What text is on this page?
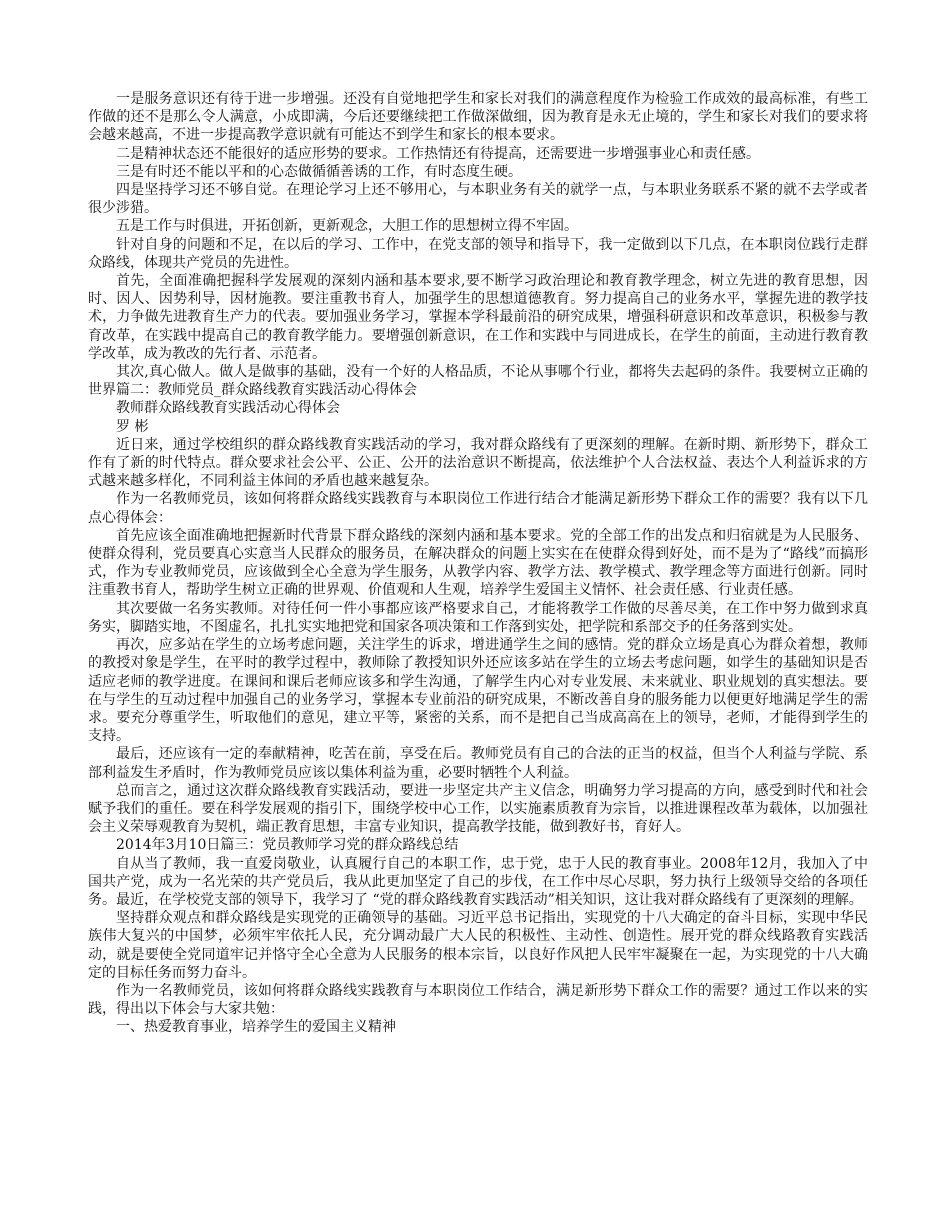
一是服务意识还有待于进一步增强。还没有自觉地把学生和家长对我们的满意程度作为检验工作成效的最高标准，有些工作做的还不是那么令人满意，小成即满，今后还要继续把工作做深做细，因为教育是永无止境的，学生和家长对我们的要求将会越来越高，不进一步提高教学意识就有可能达不到学生和家长的根本要求。

二是精神状态还不能很好的适应形势的要求。工作热情还有待提高，还需要进一步增强事业心和责任感。

三是有时还不能以平和的心态做循循善诱的工作，有时态度生硬。

四是坚持学习还不够自觉。在理论学习上还不够用心，与本职业务有关的就学一点，与本职业务联系不紧的就不去学或者很少涉猎。

五是工作与时俱进，开拓创新，更新观念，大胆工作的思想树立得不牢固。

针对自身的问题和不足，在以后的学习、工作中，在党支部的领导和指导下，我一定做到以下几点，在本职岗位践行走群众路线，体现共产党员的先进性。

首先，全面准确把握科学发展观的深刻内涵和基本要求,要不断学习政治理论和教育教学理念，树立先进的教育思想，因时、因人、因势利导，因材施教。要注重教书育人，加强学生的思想道德教育。努力提高自己的业务水平，掌握先进的教学技术，力争做先进教育生产力的代表。要加强业务学习，掌握本学科最前沿的研究成果，增强科研意识和改革意识，积极参与教育改革，在实践中提高自己的教育教学能力。要增强创新意识，在工作和实践中与同进成长，在学生的前面，主动进行教育教学改革，成为教改的先行者、示范者。

其次,真心做人。做人是做事的基础，没有一个好的人格品质，不论从事哪个行业，都将失去起码的条件。我要树立正确的世界篇二：教师党员_群众路线教育实践活动心得体会

教师群众路线教育实践活动心得体会

罗 彬

近日来，通过学校组织的群众路线教育实践活动的学习，我对群众路线有了更深刻的理解。在新时期、新形势下，群众工作有了新的时代特点。群众要求社会公平、公正、公开的法治意识不断提高，依法维护个人合法权益、表达个人利益诉求的方式越来越多样化，不同利益主体间的矛盾也越来越复杂。

作为一名教师党员，该如何将群众路线实践教育与本职岗位工作进行结合才能满足新形势下群众工作的需要？我有以下几点心得体会：

首先应该全面准确地把握新时代背景下群众路线的深刻内涵和基本要求。党的全部工作的出发点和归宿就是为人民服务、使群众得利，党员要真心实意当人民群众的服务员，在解决群众的问题上实实在在使群众得到好处，而不是为了“路线”而搞形式，作为专业教师党员，应该做到全心全意为学生服务，从教学内容、教学方法、教学模式、教学理念等方面进行创新。同时注重教书育人，帮助学生树立正确的世界观、价值观和人生观，培养学生爱国主义情怀、社会责任感、行业责任感。

其次要做一名务实教师。对待任何一件小事都应该严格要求自己，才能将教学工作做的尽善尽美，在工作中努力做到求真务实，脚踏实地，不图虚名，扎扎实实地把党和国家各项决策和工作落到实处，把学院和系部交予的任务落到实处。

再次，应多站在学生的立场考虑问题，关注学生的诉求，增进通学生之间的感情。党的群众立场是真心为群众着想，教师的教授对象是学生，在平时的教学过程中，教师除了教授知识外还应该多站在学生的立场去考虑问题，如学生的基础知识是否适应老师的教学进度。在课间和课后老师应该多和学生沟通，了解学生内心对专业发展、未来就业、职业规划的真实想法。要在与学生的互动过程中加强自己的业务学习，掌握本专业前沿的研究成果，不断改善自身的服务能力以便更好地满足学生的需求。要充分尊重学生，听取他们的意见，建立平等，紧密的关系，而不是把自己当成高高在上的领导，老师，才能得到学生的支持。

最后，还应该有一定的奉献精神，吃苦在前，享受在后。教师党员有自己的合法的正当的权益，但当个人利益与学院、系部利益发生矛盾时，作为教师党员应该以集体利益为重，必要时牺牲个人利益。

总而言之，通过这次群众路线教育实践活动，要进一步坚定共产主义信念，明确努力学习提高的方向，感受到时代和社会赋予我们的重任。要在科学发展观的指引下，围绕学校中心工作，以实施素质教育为宗旨，以推进课程改革为载体，以加强社会主义荣辱观教育为契机，端正教育思想，丰富专业知识，提高教学技能，做到教好书，育好人。

2014年3月10日篇三：党员教师学习党的群众路线总结

自从当了教师，我一直爱岗敬业，认真履行自己的本职工作，忠于党，忠于人民的教育事业。2008年12月，我加入了中国共产党，成为一名光荣的共产党员后，我从此更加坚定了自己的步伐，在工作中尽心尽职，努力执行上级领导交给的各项任务。最近，在学校党支部的领导下，我学习了 “党的群众路线教育实践活动”相关知识，这让我对群众路线有了更深刻的理解。

坚持群众观点和群众路线是实现党的正确领导的基础。习近平总书记指出，实现党的十八大确定的奋斗目标，实现中华民族伟大复兴的中国梦，必须牢牢依托人民，充分调动最广大人民的积极性、主动性、创造性。展开党的群众线路教育实践活动，就是要使全党同道牢记并恪守全心全意为人民服务的根本宗旨，以良好作风把人民牢牢凝聚在一起，为实现党的十八大确定的目标任务而努力奋斗。

作为一名教师党员，该如何将群众路线实践教育与本职岗位工作结合，满足新形势下群众工作的需要？通过工作以来的实践，得出以下体会与大家共勉：

一、热爱教育事业，培养学生的爱国主义精神
